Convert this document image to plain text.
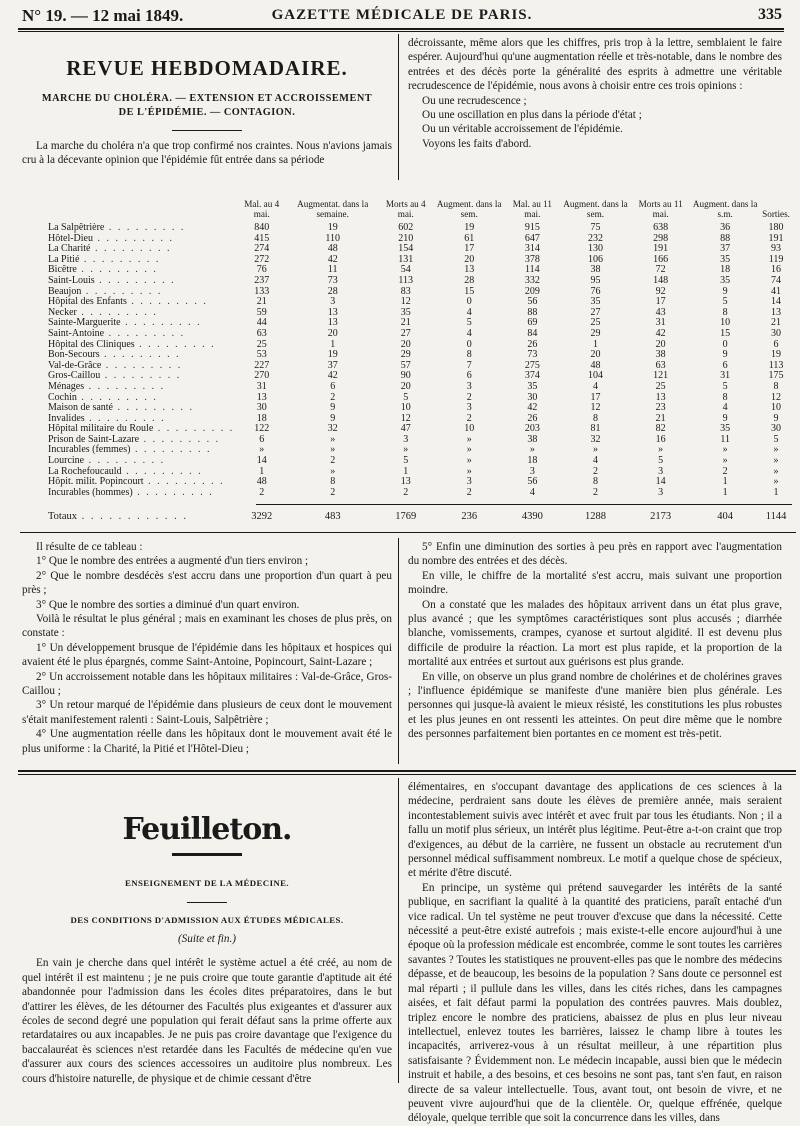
N° 19. — 12 mai 1849.	GAZETTE MÉDICALE DE PARIS.	335
REVUE HEBDOMADAIRE.

MARCHE DU CHOLÉRA. — EXTENSION ET ACCROISSEMENT

DE L'ÉPIDÉMIE. — CONTAGION.

La marche du choléra n'a que trop confirmé nos craintes. Nous n'avions jamais cru à la décevante opinion que l'épidémie fût entrée dans sa période

décroissante, même alors que les chiffres, pris trop à la lettre, semblaient le faire espérer. Aujourd'hui qu'une augmentation réelle et très-notable, dans le nombre des entrées et des décès porte la généralité des esprits à admettre une véritable recrudescence de l'épidémie, nous avons à choisir entre ces trois opinions :

Ou une recrudescence ;

Ou une oscillation en plus dans la période d'état ;

Ou un véritable accroissement de l'épidémie.

Voyons les faits d'abord.

	Mal. au 4 mai.	Augmentat. dans la semaine.	Morts au 4 mai.	Augment. dans la sem.	Mal. au 11 mai.	Augment. dans la sem.	Morts au 11 mai.	Augment. dans la s.m.	Sorties.
La Salpêtrière . . . . . . . . .	840	19	602	19	915	75	638	36	180
Hôtel-Dieu . . . . . . . . .	415	110	210	61	647	232	298	88	191
La Charité . . . . . . . . .	274	48	154	17	314	130	191	37	93
La Pitié . . . . . . . . .	272	42	131	20	378	106	166	35	119
Bicêtre . . . . . . . . .	76	11	54	13	114	38	72	18	16
Saint-Louis . . . . . . . . .	237	73	113	28	332	95	148	35	74
Beaujon . . . . . . . . .	133	28	83	15	209	76	92	9	41
Hôpital des Enfants . . . . . . . . .	21	3	12	0	56	35	17	5	14
Necker . . . . . . . . .	59	13	35	4	88	27	43	8	13
Sainte-Marguerite . . . . . . . . .	44	13	21	5	69	25	31	10	21
Saint-Antoine . . . . . . . . .	63	20	27	4	84	29	42	15	30
Hôpital des Cliniques . . . . . . . . .	25	1	20	0	26	1	20	0	6
Bon-Secours . . . . . . . . .	53	19	29	8	73	20	38	9	19
Val-de-Grâce . . . . . . . . .	227	37	57	7	275	48	63	6	113
Gros-Caillou . . . . . . . . .	270	42	90	6	374	104	121	31	175
Ménages . . . . . . . . .	31	6	20	3	35	4	25	5	8
Cochin . . . . . . . . .	13	2	5	2	30	17	13	8	12
Maison de santé . . . . . . . . .	30	9	10	3	42	12	23	4	10
Invalides . . . . . . . . .	18	9	12	2	26	8	21	9	9
Hôpital militaire du Roule . . . . . . . . .	122	32	47	10	203	81	82	35	30
Prison de Saint-Lazare . . . . . . . . .	6	»	3	»	38	32	16	11	5
Incurables (femmes) . . . . . . . . .	»	»	»	»	»	»	»	»	»
Lourcine . . . . . . . . .	14	2	5	»	18	4	5	»	»
La Rochefoucauld . . . . . . . . .	1	»	1	»	3	2	3	2	»
Hôpit. milit. Popincourt . . . . . . . . .	48	8	13	3	56	8	14	1	»
Incurables (hommes) . . . . . . . . .	2	2	2	2	4	2	3	1	1
Totaux . . . . . . . . . . . .	3292	483	1769	236	4390	1288	2173	404	1144

Il résulte de ce tableau :

1° Que le nombre des entrées a augmenté d'un tiers environ ;

2° Que le nombre desdécès s'est accru dans une proportion d'un quart à peu près ;

3° Que le nombre des sorties a diminué d'un quart environ.

Voilà le résultat le plus général ; mais en examinant les choses de plus près, on constate :

1° Un développement brusque de l'épidémie dans les hôpitaux et hospices qui avaient été le plus épargnés, comme Saint-Antoine, Popincourt, Saint-Lazare ;

2° Un accroissement notable dans les hôpitaux militaires : Val-de-Grâce, Gros-Caillou ;

3° Un retour marqué de l'épidémie dans plusieurs de ceux dont le mouvement s'était manifestement ralenti : Saint-Louis, Salpêtrière ;

4° Une augmentation réelle dans les hôpitaux dont le mouvement avait été le plus uniforme : la Charité, la Pitié et l'Hôtel-Dieu ;

5° Enfin une diminution des sorties à peu près en rapport avec l'augmentation du nombre des entrées et des décès.

En ville, le chiffre de la mortalité s'est accru, mais suivant une proportion moindre.

On a constaté que les malades des hôpitaux arrivent dans un état plus grave, plus avancé ; que les symptômes caractéristiques sont plus accusés ; diarrhée blanche, vomissements, crampes, cyanose et surtout algidité. Il est devenu plus difficile de produire la réaction. La mort est plus rapide, et la proportion de la mortalité aux entrées et surtout aux guérisons est plus grande.

En ville, on observe un plus grand nombre de cholérines et de cholérines graves ; l'influence épidémique se manifeste d'une manière bien plus générale. Les personnes qui jusque-là avaient le mieux résisté, les constitutions les plus robustes et les plus jeunes en ont ressenti les atteintes. On peut dire même que le nombre des personnes parfaitement bien portantes en ce moment est très-petit.

Feuilleton.

ENSEIGNEMENT DE LA MÉDECINE.

DES CONDITIONS D'ADMISSION AUX ÉTUDES MÉDICALES.

(Suite et fin.)

En vain je cherche dans quel intérêt le système actuel a été créé, au nom de quel intérêt il est maintenu ; je ne puis croire que toute garantie d'aptitude ait été abandonnée pour l'admission dans les écoles dites préparatoires, dans le but d'attirer les élèves, de les détourner des Facultés plus exigeantes et d'assurer aux écoles de second degré une population qui ferait défaut sans la prime offerte aux retardataires ou aux incapables. Je ne puis pas croire davantage que l'exigence du baccalauréat ès sciences n'est retardée dans les Facultés de médecine qu'en vue d'assurer aux cours des sciences accessoires un auditoire plus nombreux. Les cours d'histoire naturelle, de physique et de chimie cessant d'être

élémentaires, en s'occupant davantage des applications de ces sciences à la médecine, perdraient sans doute les élèves de première année, mais seraient incontestablement suivis avec intérêt et avec fruit par tous les étudiants. Non ; il a fallu un motif plus sérieux, un intérêt plus légitime. Peut-être a-t-on craint que trop d'exigences, au début de la carrière, ne fussent un obstacle au recrutement d'un personnel médical suffisamment nombreux. Le motif a quelque chose de spécieux, et mérite d'être discuté.

En principe, un système qui prétend sauvegarder les intérêts de la santé publique, en sacrifiant la qualité à la quantité des praticiens, paraît entaché d'un vice radical. Un tel système ne peut trouver d'excuse que dans la nécessité. Cette nécessité a peut-être existé autrefois ; mais existe-t-elle encore aujourd'hui à une époque où la profession médicale est encombrée, comme le sont toutes les carrières savantes ? Toutes les statistiques ne prouvent-elles pas que le nombre des médecins dépasse, et de beaucoup, les besoins de la population ? Sans doute ce personnel est mal réparti ; il pullule dans les villes, dans les cités riches, dans les campagnes aisées, et fait défaut parmi la population des contrées pauvres. Mais doublez, triplez encore le nombre des praticiens, abaissez de plus en plus leur niveau intellectuel, enlevez toutes les barrières, laissez le champ libre à toutes les incapacités, arriverez-vous à un résultat meilleur, à une répartition plus satisfaisante ? Évidemment non. Le médecin incapable, aussi bien que le médecin instruit et habile, a des besoins, et ces besoins ne sont pas, tant s'en faut, en raison directe de sa valeur intellectuelle. Tous, avant tout, ont besoin de vivre, et ne peuvent vivre aujourd'hui que de la clientèle. Or, quelque effrénée, quelque déloyale, quelque terrible que soit la concurrence dans les villes, dans
